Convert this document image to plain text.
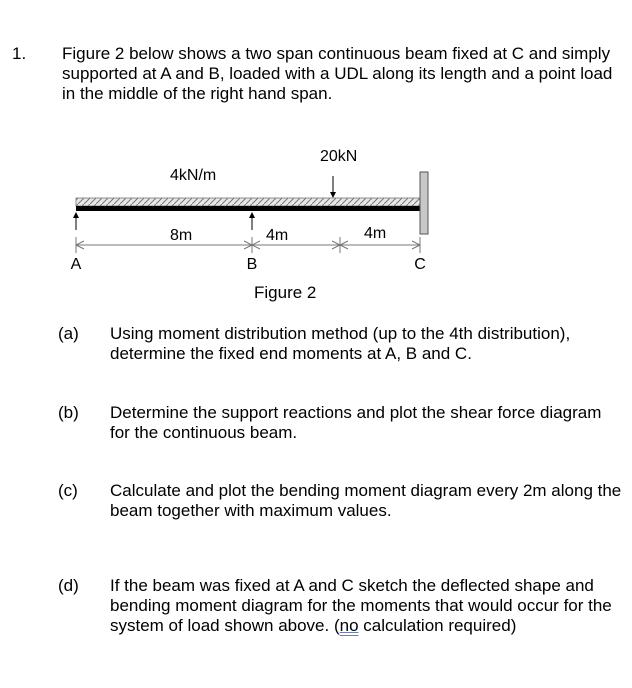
1. Figure 2 below shows a two span continuous beam fixed at C and simply supported at A and B, loaded with a UDL along its length and a point load in the middle of the right hand span.
4kN/m
20kN
8m	4m	4m
A	B	C
Figure 2
(a) Using moment distribution method (up to the 4th distribution), determine the fixed end moments at A, B and C.
(b) Determine the support reactions and plot the shear force diagram for the continuous beam.
(c) Calculate and plot the bending moment diagram every 2m along the beam together with maximum values.
(d) If the beam was fixed at A and C sketch the deflected shape and bending moment diagram for the moments that would occur for the system of load shown above. (no calculation required)
